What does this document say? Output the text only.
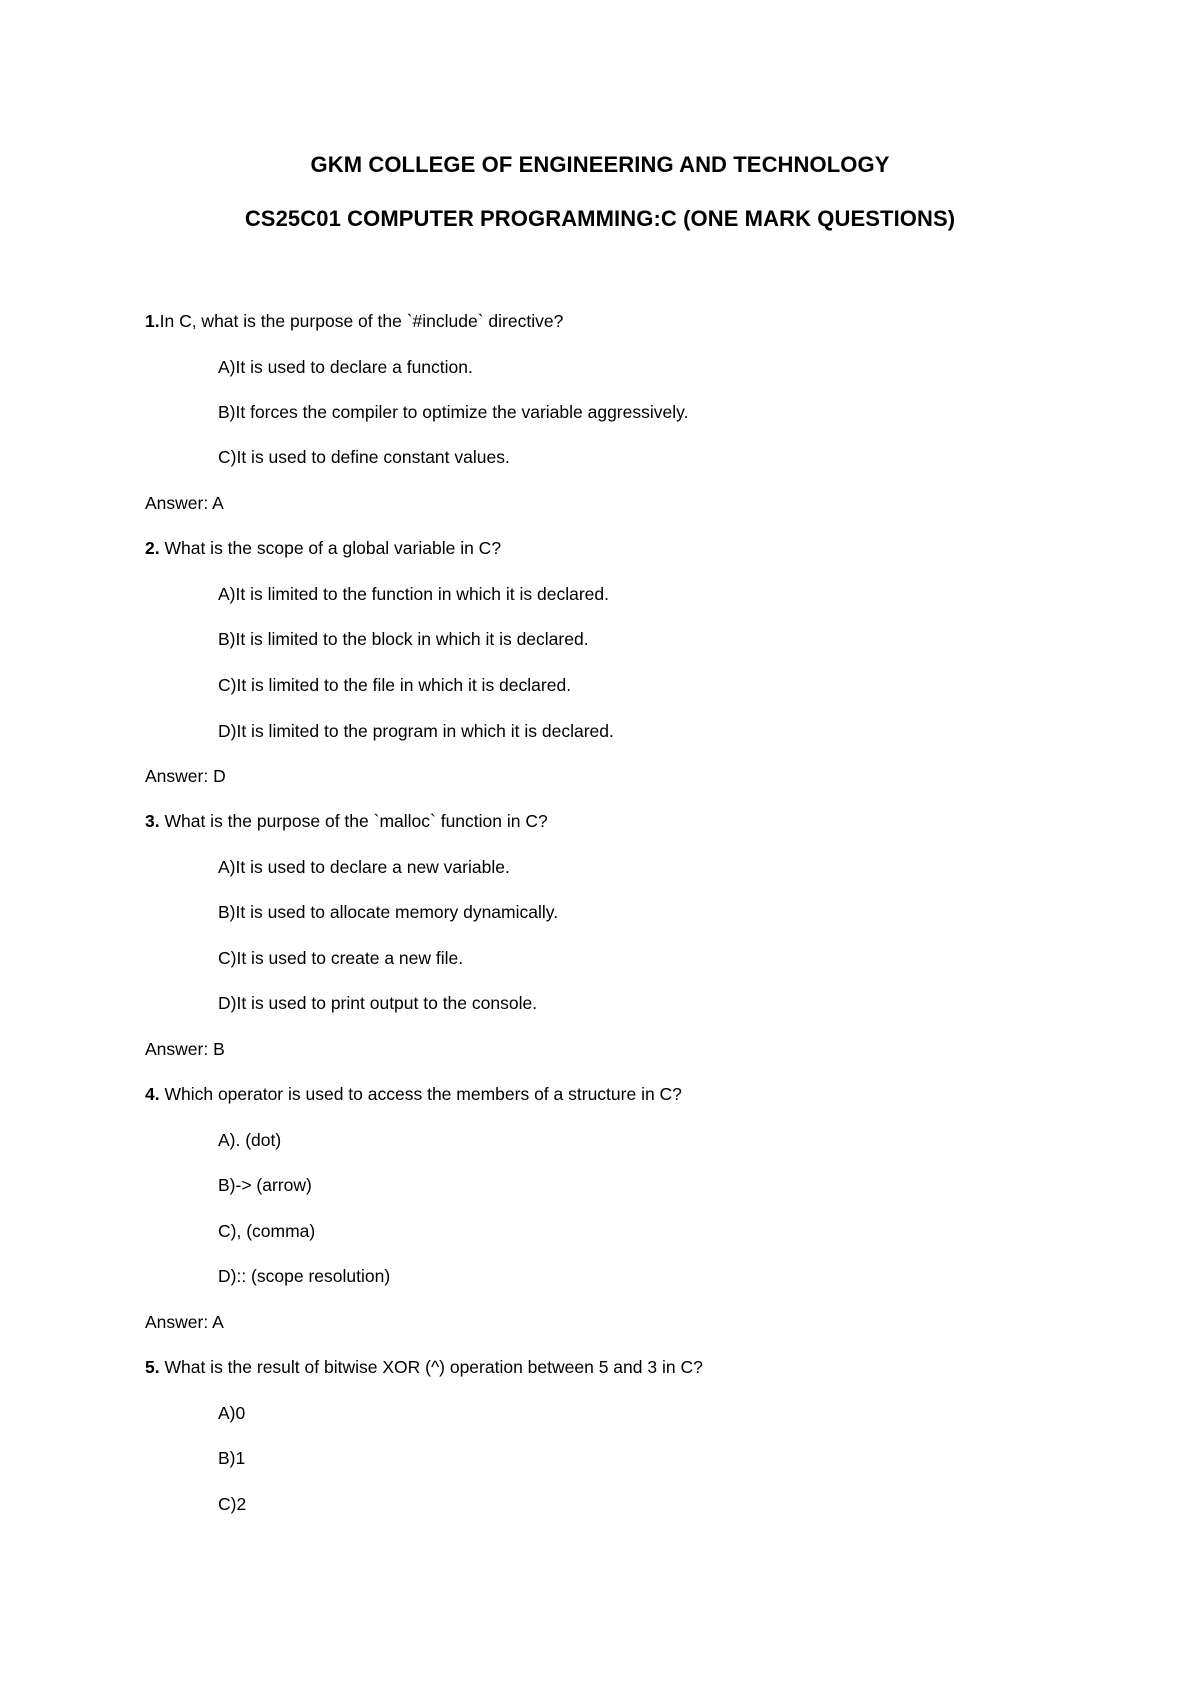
GKM COLLEGE OF ENGINEERING AND TECHNOLOGY
CS25C01 COMPUTER PROGRAMMING:C (ONE MARK QUESTIONS)
1.In C, what is the purpose of the `#include` directive?
A)It is used to declare a function.
B)It forces the compiler to optimize the variable aggressively.
C)It is used to define constant values.
Answer: A
2. What is the scope of a global variable in C?
A)It is limited to the function in which it is declared.
B)It is limited to the block in which it is declared.
C)It is limited to the file in which it is declared.
D)It is limited to the program in which it is declared.
Answer: D
3. What is the purpose of the `malloc` function in C?
A)It is used to declare a new variable.
B)It is used to allocate memory dynamically.
C)It is used to create a new file.
D)It is used to print output to the console.
Answer: B
4. Which operator is used to access the members of a structure in C?
A). (dot)
B)-> (arrow)
C), (comma)
D):: (scope resolution)
Answer: A
5. What is the result of bitwise XOR (^) operation between 5 and 3 in C?
A)0
B)1
C)2
